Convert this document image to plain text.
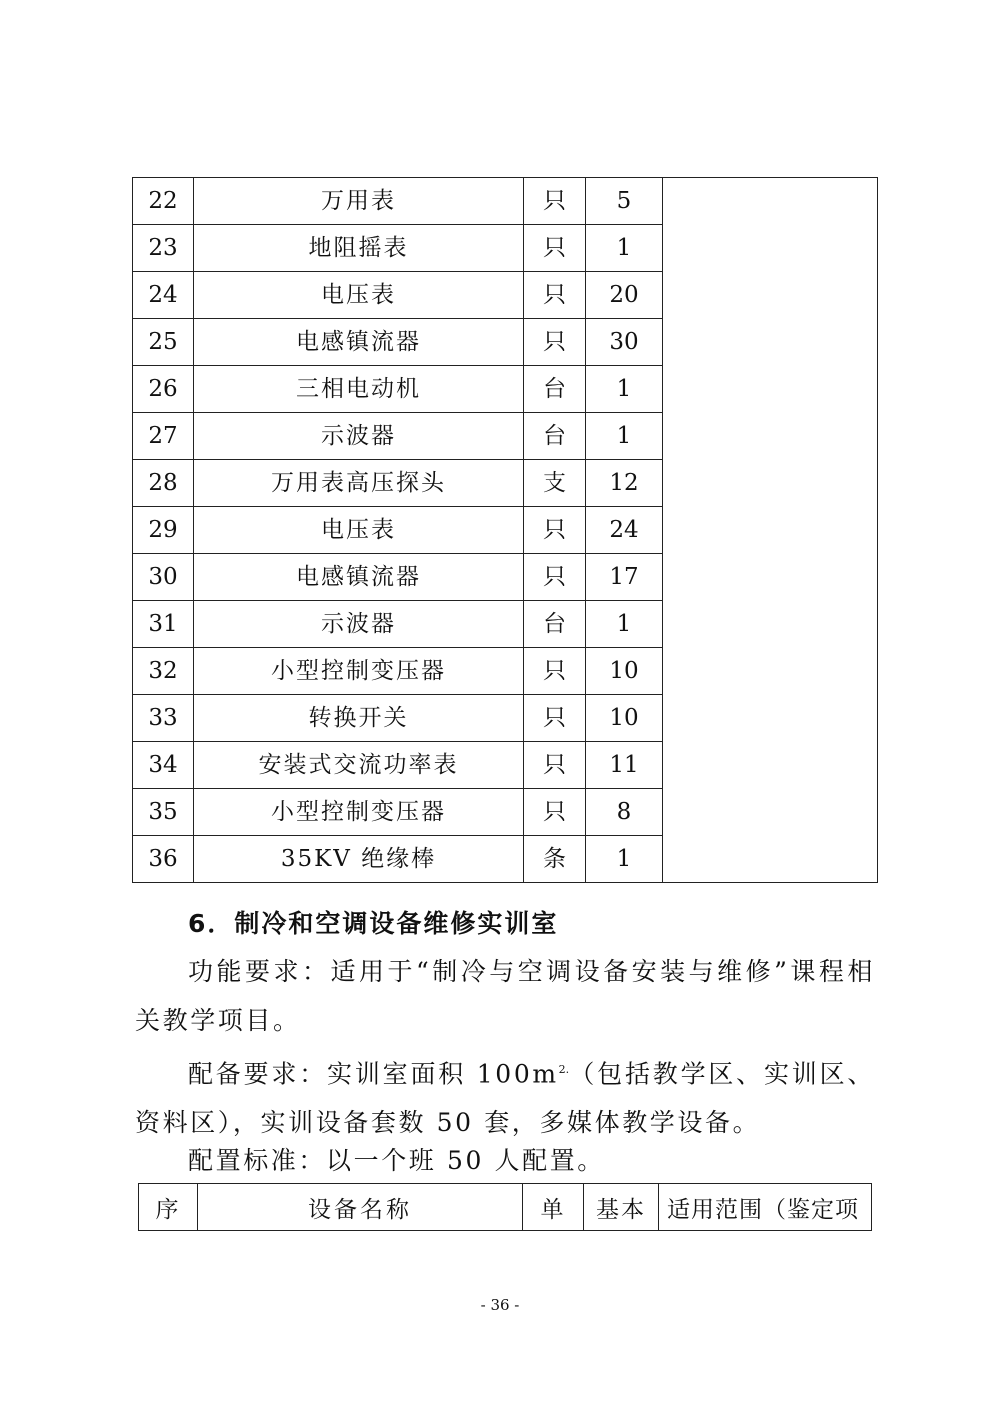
22	万用表	只	5	
23	地阻摇表	只	1	
24	电压表	只	20	
25	电感镇流器	只	30	
26	三相电动机	台	1	
27	示波器	台	1	
28	万用表高压探头	支	12	
29	电压表	只	24	
30	电感镇流器	只	17	
31	示波器	台	1	
32	小型控制变压器	只	10	
33	转换开关	只	10	
34	安装式交流功率表	只	11	
35	小型控制变压器	只	8	
36	35KV 绝缘棒	条	1	

6．制冷和空调设备维修实训室

功能要求：适用于“制冷与空调设备安装与维修”课程相关教学项目。

配备要求：实训室面积 $100m^{2.}$（包括教学区、实训区、资料区），实训设备套数 50 套，多媒体教学设备。

配置标准：以一个班 50 人配置。

序	设备名称	单	基本	适用范围（鉴定项
- 36 -
